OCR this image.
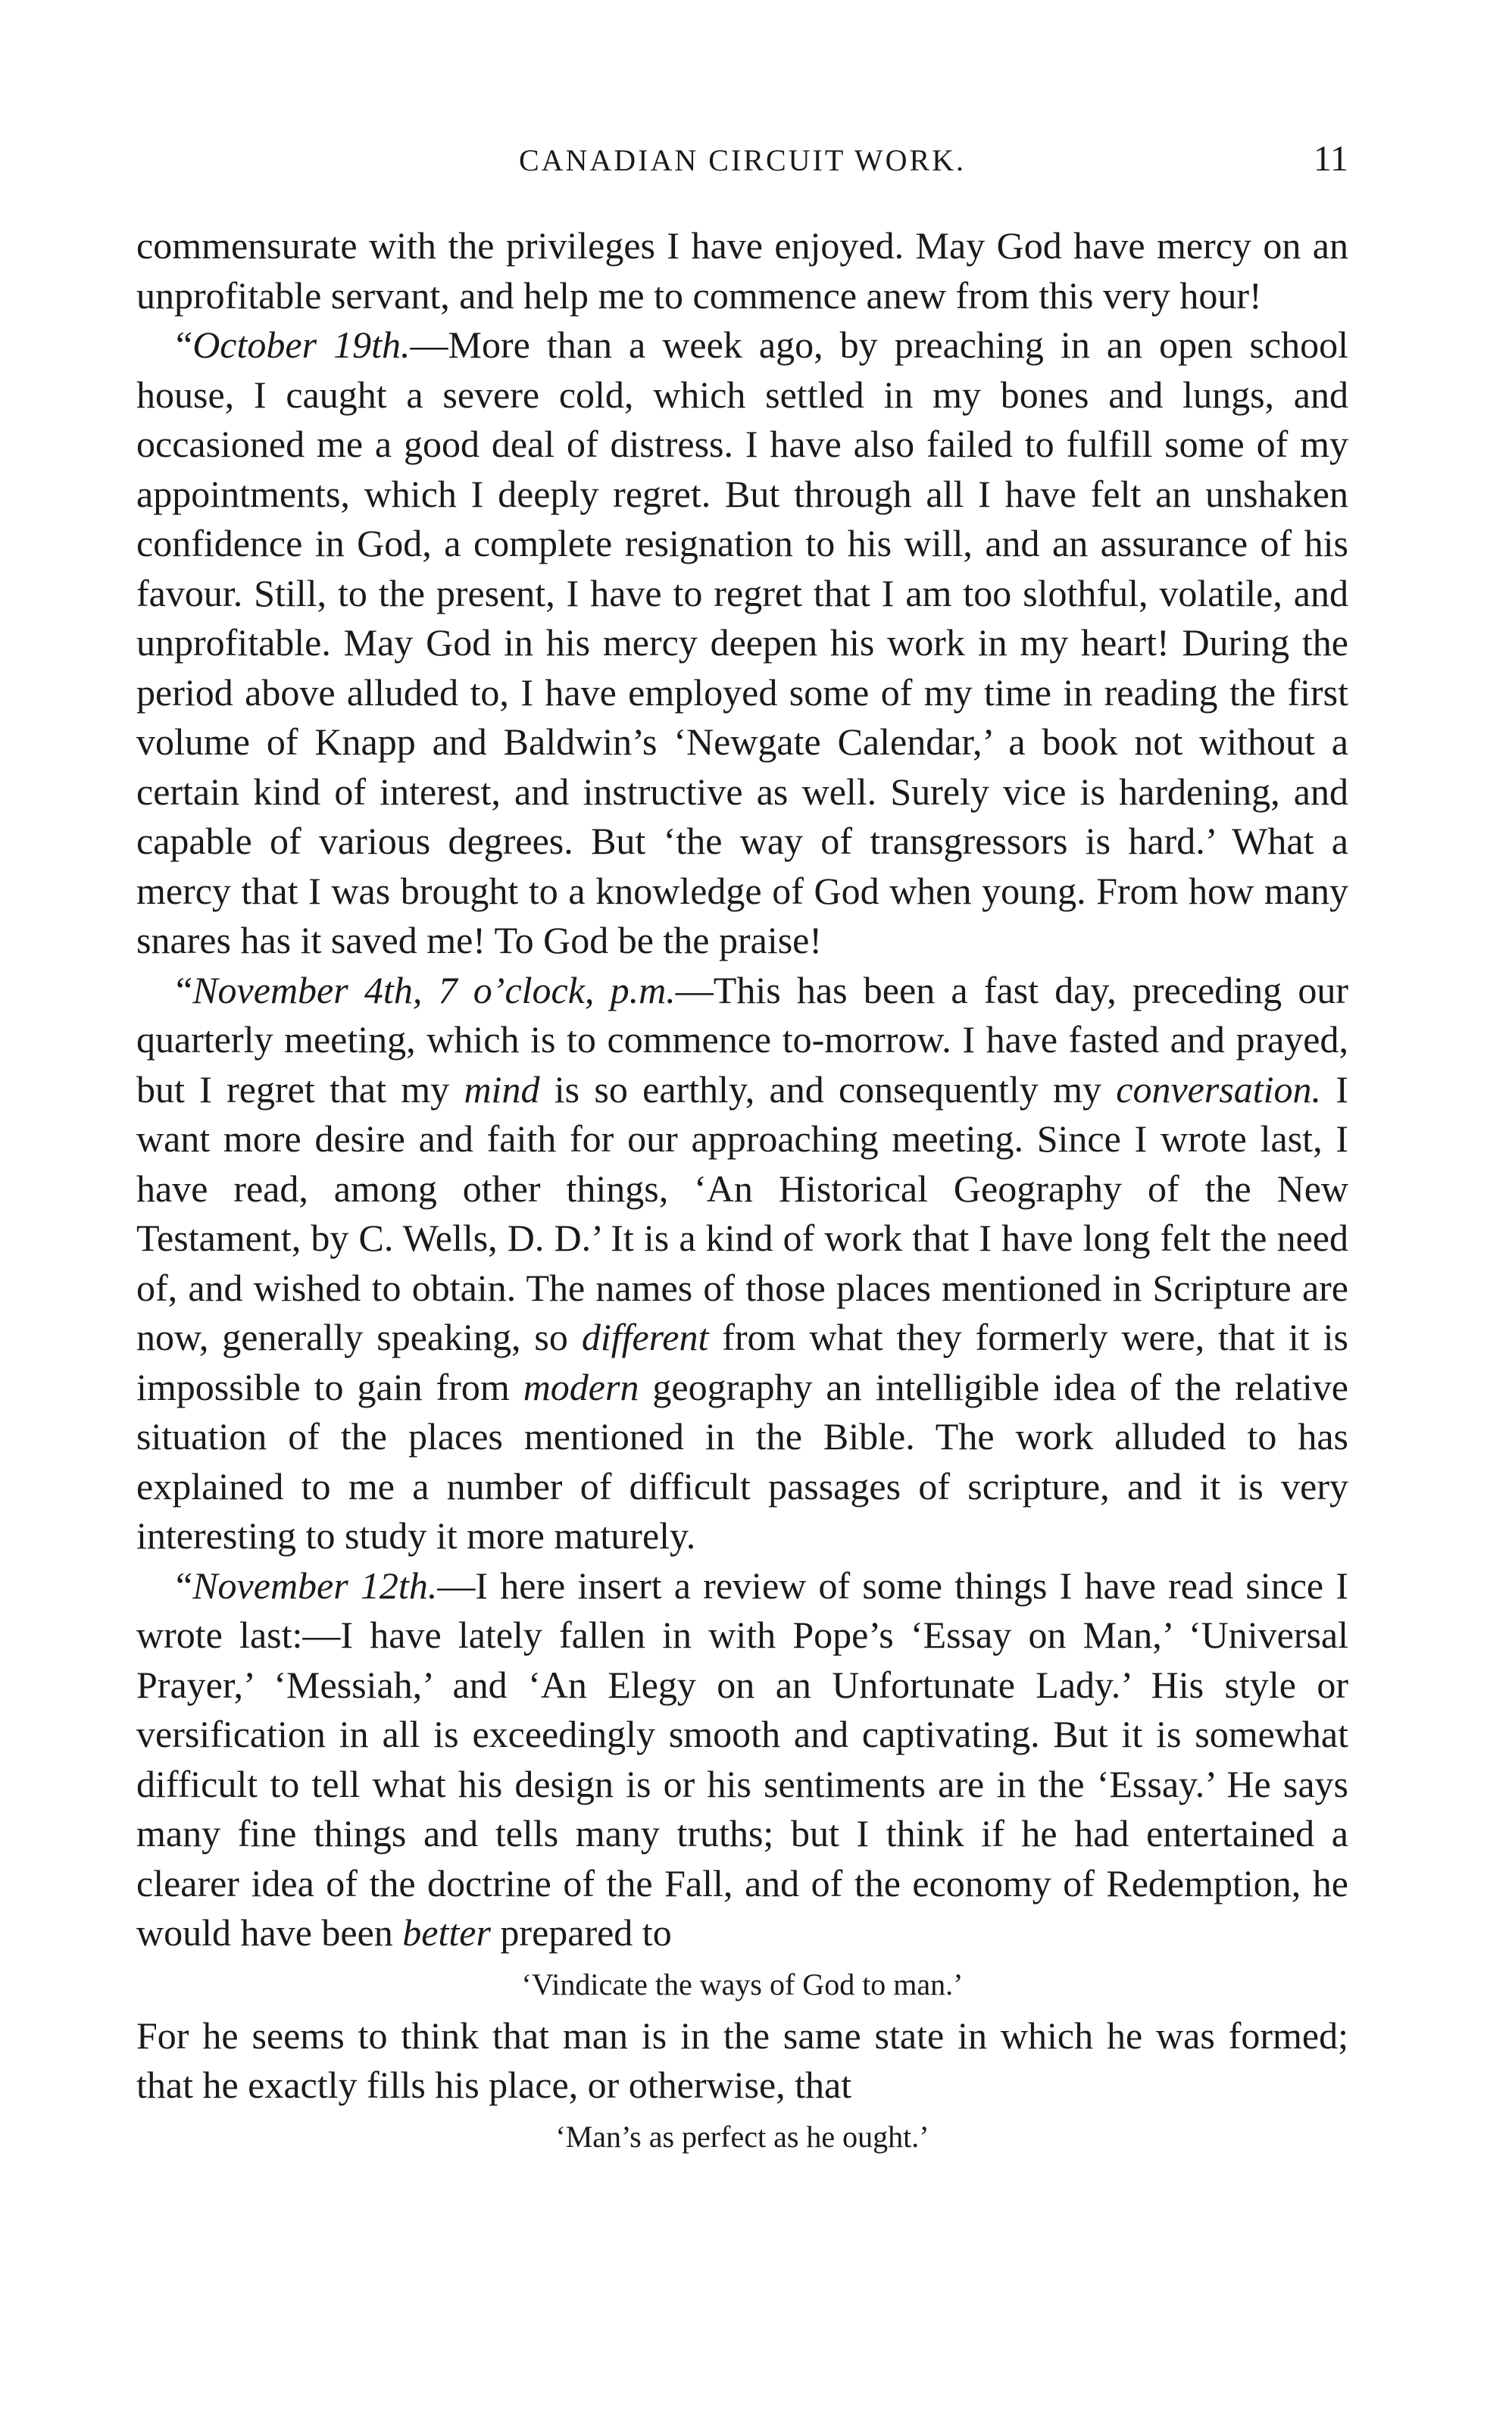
CANADIAN CIRCUIT WORK.	11

commensurate with the privileges I have enjoyed. May God have mercy on an unprofitable servant, and help me to commence anew from this very hour!

“October 19th.—More than a week ago, by preaching in an open school house, I caught a severe cold, which settled in my bones and lungs, and occasioned me a good deal of distress. I have also failed to fulfill some of my appointments, which I deeply regret. But through all I have felt an unshaken confidence in God, a complete resignation to his will, and an assurance of his favour. Still, to the present, I have to regret that I am too slothful, volatile, and unprofitable. May God in his mercy deepen his work in my heart! During the period above alluded to, I have employed some of my time in reading the first volume of Knapp and Baldwin’s ‘Newgate Calendar,’ a book not without a certain kind of interest, and instructive as well. Surely vice is hardening, and capable of various degrees. But ‘the way of transgressors is hard.’ What a mercy that I was brought to a knowledge of God when young. From how many snares has it saved me! To God be the praise!

“November 4th, 7 o’clock, p.m.—This has been a fast day, preceding our quarterly meeting, which is to commence to-morrow. I have fasted and prayed, but I regret that my mind is so earthly, and consequently my conversation. I want more desire and faith for our approaching meeting. Since I wrote last, I have read, among other things, ‘An Historical Geography of the New Testament, by C. Wells, D. D.’ It is a kind of work that I have long felt the need of, and wished to obtain. The names of those places mentioned in Scripture are now, generally speaking, so different from what they formerly were, that it is impossible to gain from modern geography an intelligible idea of the relative situation of the places mentioned in the Bible. The work alluded to has explained to me a number of difficult passages of scripture, and it is very interesting to study it more maturely.

“November 12th.—I here insert a review of some things I have read since I wrote last:—I have lately fallen in with Pope’s ‘Essay on Man,’ ‘Universal Prayer,’ ‘Messiah,’ and ‘An Elegy on an Unfortunate Lady.’ His style or versification in all is exceedingly smooth and captivating. But it is somewhat difficult to tell what his design is or his sentiments are in the ‘Essay.’ He says many fine things and tells many truths; but I think if he had entertained a clearer idea of the doctrine of the Fall, and of the economy of Redemption, he would have been better prepared to

‘Vindicate the ways of God to man.’

For he seems to think that man is in the same state in which he was formed; that he exactly fills his place, or otherwise, that

‘Man’s as perfect as he ought.’
